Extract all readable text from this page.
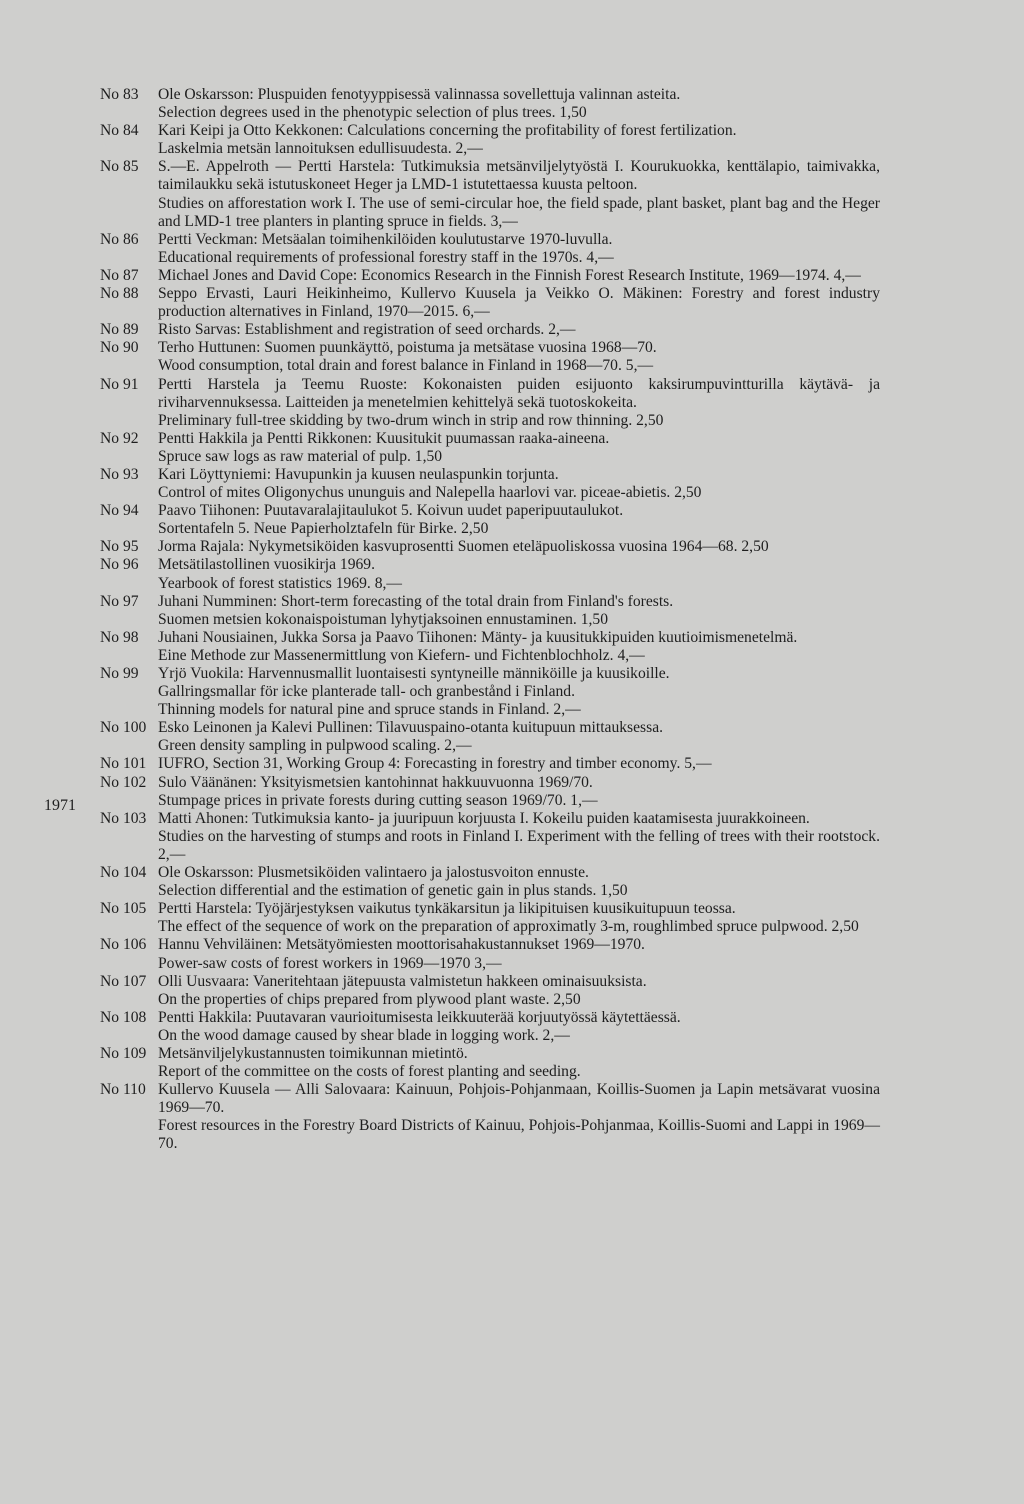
1971
No 83 Ole Oskarsson: Pluspuiden fenotyyppisessä valinnassa sovellettuja valinnan asteita.
Selection degrees used in the phenotypic selection of plus trees. 1,50
No 84 Kari Keipi ja Otto Kekkonen: Calculations concerning the profitability of forest fertilization.
Laskelmia metsän lannoituksen edullisuudesta. 2,—
No 85 S.—E. Appelroth — Pertti Harstela: Tutkimuksia metsänviljelytyöstä I. Kourukuokka, kenttälapio, taimivakka, taimilaukku sekä istutuskoneet Heger ja LMD-1 istutettaessa kuusta peltoon.
Studies on afforestation work I. The use of semi-circular hoe, the field spade, plant basket, plant bag and the Heger and LMD-1 tree planters in planting spruce in fields. 3,—
No 86 Pertti Veckman: Metsäalan toimihenkilöiden koulutustarve 1970-luvulla.
Educational requirements of professional forestry staff in the 1970s. 4,—
No 87 Michael Jones and David Cope: Economics Research in the Finnish Forest Research Institute, 1969—1974. 4,—
No 88 Seppo Ervasti, Lauri Heikinheimo, Kullervo Kuusela ja Veikko O. Mäkinen: Forestry and forest industry production alternatives in Finland, 1970—2015. 6,—
No 89 Risto Sarvas: Establishment and registration of seed orchards. 2,—
No 90 Terho Huttunen: Suomen puunkäyttö, poistuma ja metsätase vuosina 1968—70.
Wood consumption, total drain and forest balance in Finland in 1968—70. 5,—
No 91 Pertti Harstela ja Teemu Ruoste: Kokonaisten puiden esijuonto kaksirumpuvintturilla käytävä- ja riviharvennuksessa. Laitteiden ja menetelmien kehittelyä sekä tuotoskokeita.
Preliminary full-tree skidding by two-drum winch in strip and row thinning. 2,50
No 92 Pentti Hakkila ja Pentti Rikkonen: Kuusitukit puumassan raaka-aineena.
Spruce saw logs as raw material of pulp. 1,50
No 93 Kari Löyttyniemi: Havupunkin ja kuusen neulaspunkin torjunta.
Control of mites Oligonychus ununguis and Nalepella haarlovi var. piceae-abietis. 2,50
No 94 Paavo Tiihonen: Puutavaralajitaulukot 5. Koivun uudet paperipuutaulukot.
Sortentafeln 5. Neue Papierholztafeln für Birke. 2,50
No 95 Jorma Rajala: Nykymetsiköiden kasvuprosentti Suomen eteläpuoliskossa vuosina 1964—68. 2,50
No 96 Metsätilastollinen vuosikirja 1969.
Yearbook of forest statistics 1969. 8,—
No 97 Juhani Numminen: Short-term forecasting of the total drain from Finland's forests.
Suomen metsien kokonaispoistuman lyhytjaksoinen ennustaminen. 1,50
No 98 Juhani Nousiainen, Jukka Sorsa ja Paavo Tiihonen: Mänty- ja kuusitukkipuiden kuutioimismenetelmä.
Eine Methode zur Massenermittlung von Kiefern- und Fichtenblochholz. 4,—
No 99 Yrjö Vuokila: Harvennusmallit luontaisesti syntyneille männiköille ja kuusikoille.
Gallringsmallar för icke planterade tall- och granbestånd i Finland.
Thinning models for natural pine and spruce stands in Finland. 2,—
No 100 Esko Leinonen ja Kalevi Pullinen: Tilavuuspaino-otanta kuitupuun mittauksessa.
Green density sampling in pulpwood scaling. 2,—
No 101 IUFRO, Section 31, Working Group 4: Forecasting in forestry and timber economy. 5,—
No 102 Sulo Väänänen: Yksityismetsien kantohinnat hakkuuvuonna 1969/70.
Stumpage prices in private forests during cutting season 1969/70. 1,—
No 103 Matti Ahonen: Tutkimuksia kanto- ja juuripuun korjuusta I. Kokeilu puiden kaatamisesta juurakkoineen.
Studies on the harvesting of stumps and roots in Finland I. Experiment with the felling of trees with their rootstock. 2,—
No 104 Ole Oskarsson: Plusmetsiköiden valintaero ja jalostusvoiton ennuste.
Selection differential and the estimation of genetic gain in plus stands. 1,50
No 105 Pertti Harstela: Työjärjestyksen vaikutus tynkäkarsitun ja likipituisen kuusikuitupuun teossa.
The effect of the sequence of work on the preparation of approximatly 3-m, roughlimbed spruce pulpwood. 2,50
No 106 Hannu Vehviläinen: Metsätyömiesten moottorisahakustannukset 1969—1970.
Power-saw costs of forest workers in 1969—1970 3,—
No 107 Olli Uusvaara: Vaneritehtaan jätepuusta valmistetun hakkeen ominaisuuksista.
On the properties of chips prepared from plywood plant waste. 2,50
No 108 Pentti Hakkila: Puutavaran vaurioitumisesta leikkuuterää korjuutyössä käytettäessä.
On the wood damage caused by shear blade in logging work. 2,—
No 109 Metsänviljelykustannusten toimikunnan mietintö.
Report of the committee on the costs of forest planting and seeding.
No 110 Kullervo Kuusela — Alli Salovaara: Kainuun, Pohjois-Pohjanmaan, Koillis-Suomen ja Lapin metsävarat vuosina 1969—70.
Forest resources in the Forestry Board Districts of Kainuu, Pohjois-Pohjanmaa, Koillis-Suomi and Lappi in 1969—70.
